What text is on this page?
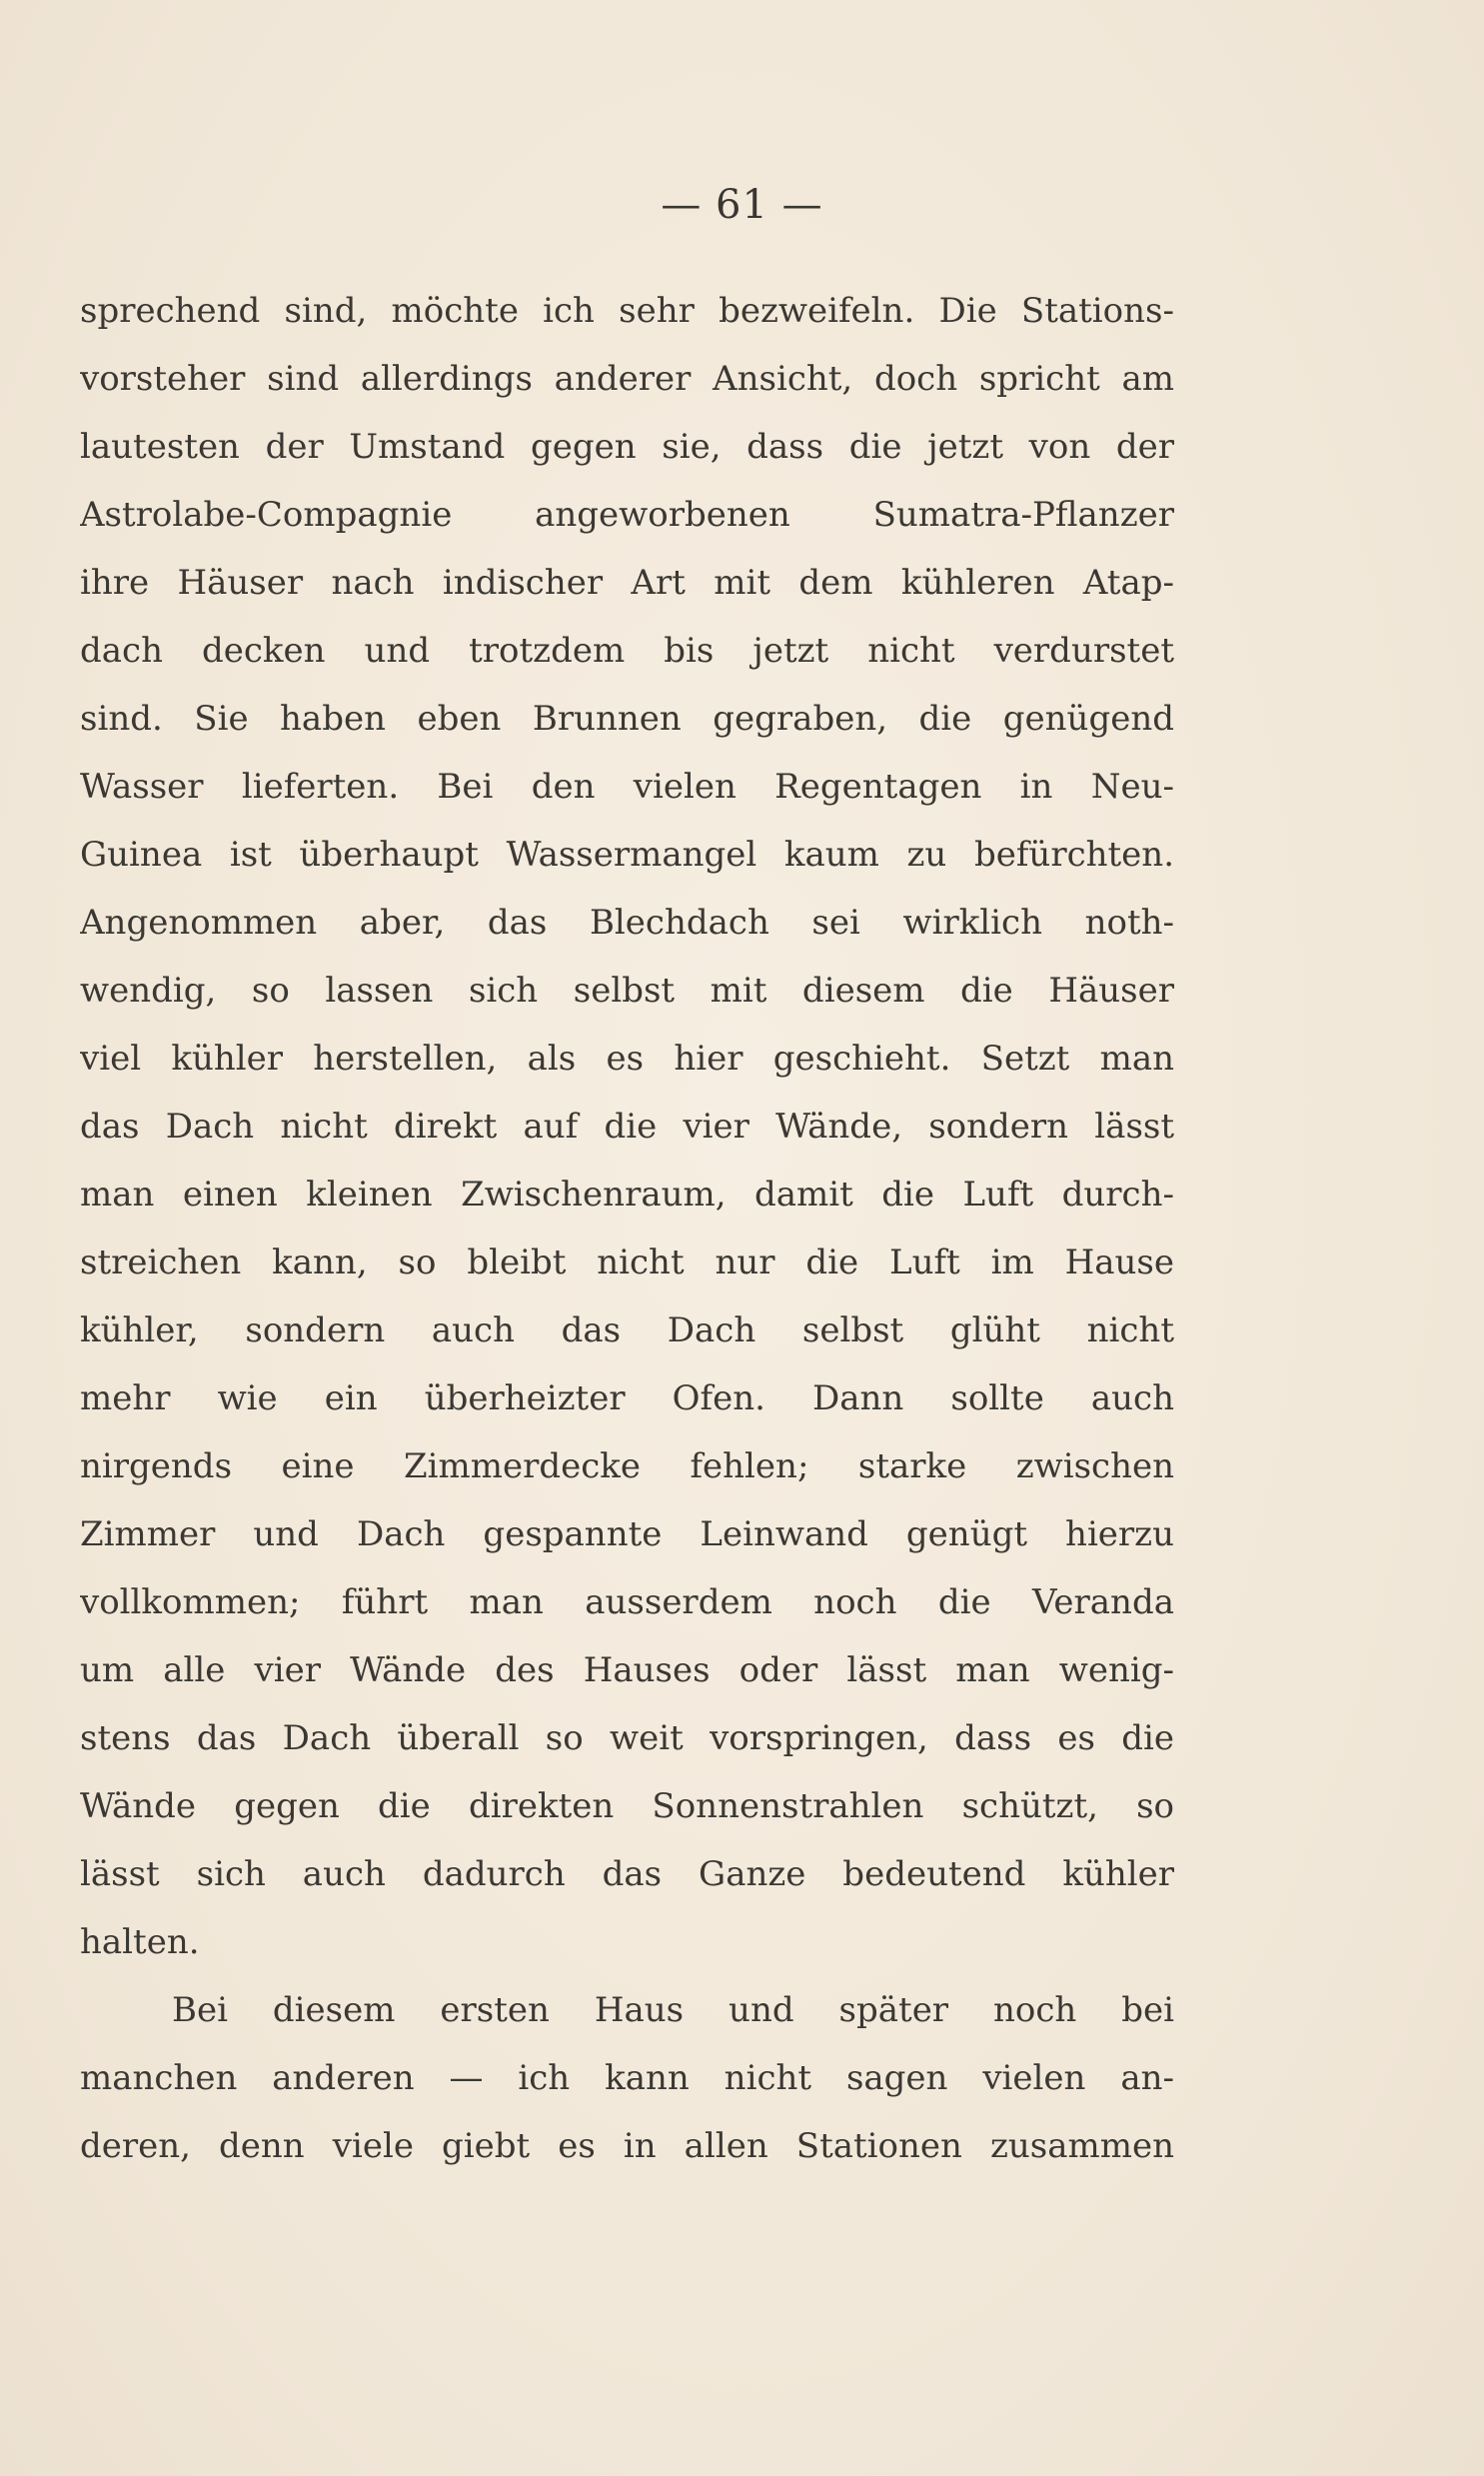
— 61 —
sprechend sind, möchte ich sehr bezweifeln. Die Stations-
vorsteher sind allerdings anderer Ansicht, doch spricht am
lautesten der Umstand gegen sie, dass die jetzt von der
Astrolabe-Compagnie angeworbenen Sumatra-Pflanzer
ihre Häuser nach indischer Art mit dem kühleren Atap-
dach decken und trotzdem bis jetzt nicht verdurstet
sind. Sie haben eben Brunnen gegraben, die genügend
Wasser lieferten. Bei den vielen Regentagen in Neu-
Guinea ist überhaupt Wassermangel kaum zu befürchten.
Angenommen aber, das Blechdach sei wirklich noth-
wendig, so lassen sich selbst mit diesem die Häuser
viel kühler herstellen, als es hier geschieht. Setzt man
das Dach nicht direkt auf die vier Wände, sondern lässt
man einen kleinen Zwischenraum, damit die Luft durch-
streichen kann, so bleibt nicht nur die Luft im Hause
kühler, sondern auch das Dach selbst glüht nicht
mehr wie ein überheizter Ofen. Dann sollte auch
nirgends eine Zimmerdecke fehlen; starke zwischen
Zimmer und Dach gespannte Leinwand genügt hierzu
vollkommen; führt man ausserdem noch die Veranda
um alle vier Wände des Hauses oder lässt man wenig-
stens das Dach überall so weit vorspringen, dass es die
Wände gegen die direkten Sonnenstrahlen schützt, so
lässt sich auch dadurch das Ganze bedeutend kühler
halten.
Bei diesem ersten Haus und später noch bei
manchen anderen — ich kann nicht sagen vielen an-
deren, denn viele giebt es in allen Stationen zusammen
